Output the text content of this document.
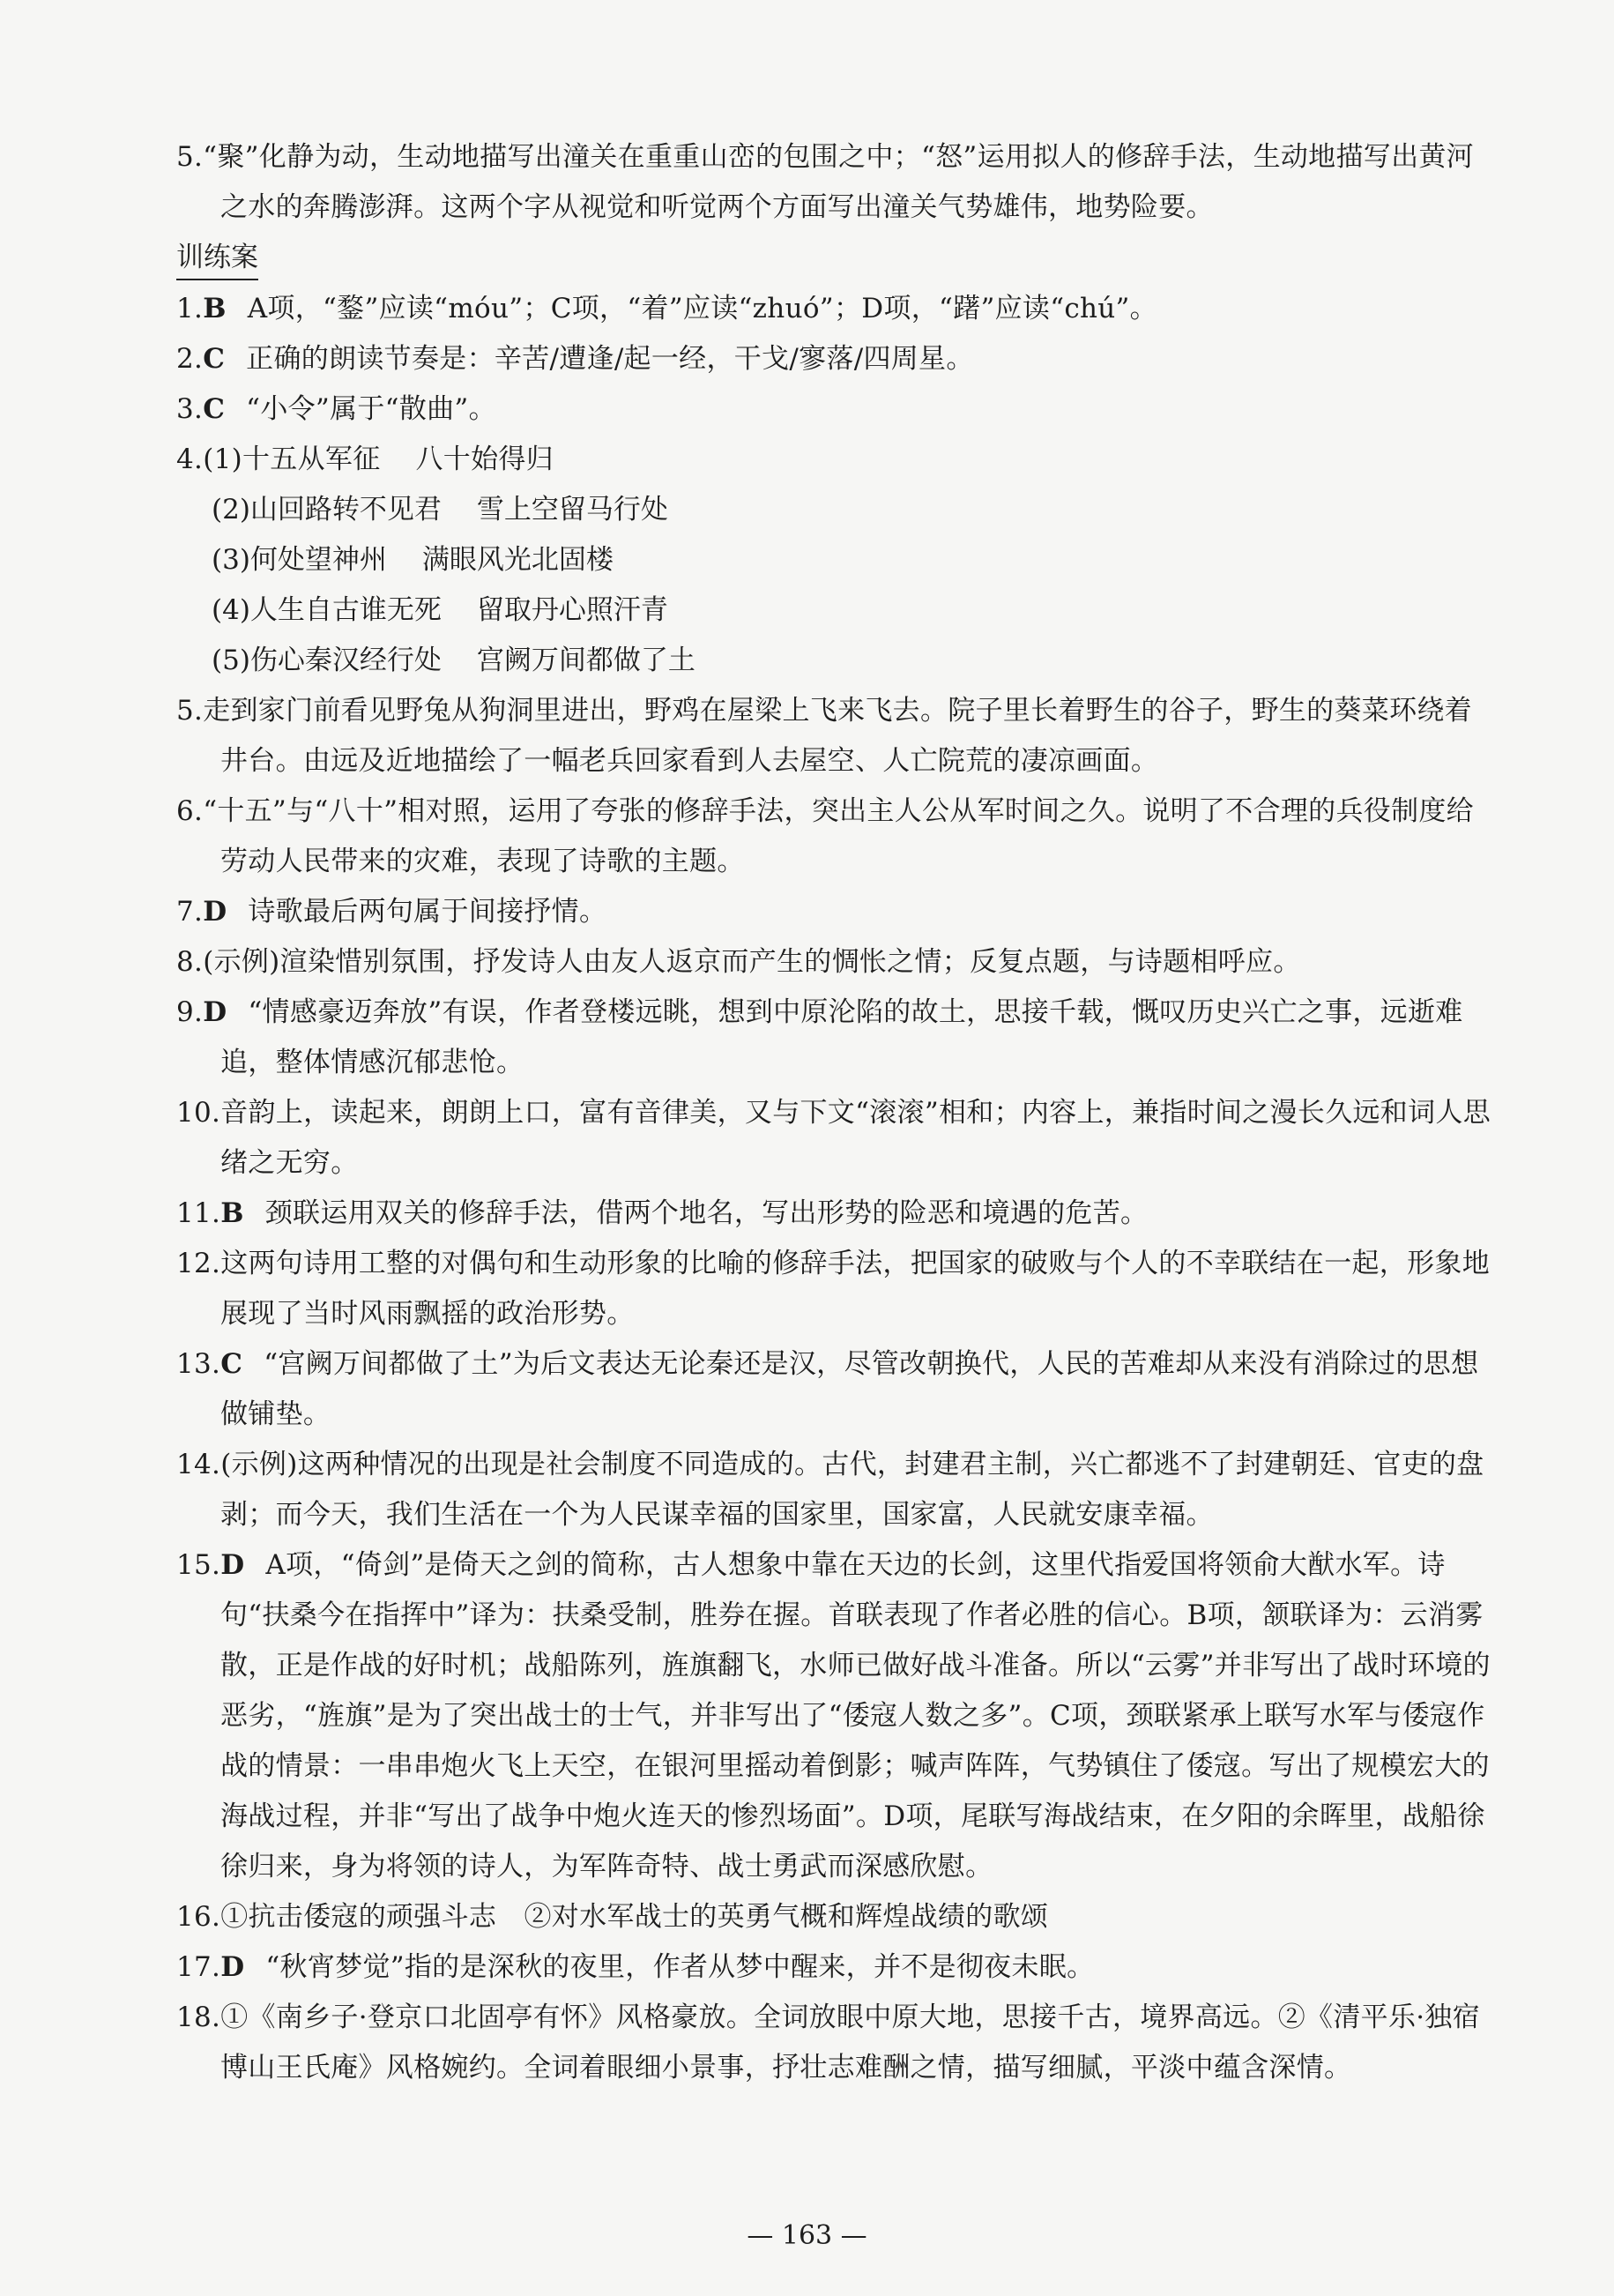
5.“聚”化静为动，生动地描写出潼关在重重山峦的包围之中；“怒”运用拟人的修辞手法，生动地描写出黄河之水的奔腾澎湃。这两个字从视觉和听觉两个方面写出潼关气势雄伟，地势险要。

训练案

1.B A项，“鍪”应读“móu”；C项，“着”应读“zhuó”；D项，“躇”应读“chú”。

2.C 正确的朗读节奏是：辛苦/遭逢/起一经，干戈/寥落/四周星。

3.C “小令”属于“散曲”。

4.(1)十五从军征 八十始得归

(2)山回路转不见君 雪上空留马行处

(3)何处望神州 满眼风光北固楼

(4)人生自古谁无死 留取丹心照汗青

(5)伤心秦汉经行处 宫阙万间都做了土

5.走到家门前看见野兔从狗洞里进出，野鸡在屋梁上飞来飞去。院子里长着野生的谷子，野生的葵菜环绕着井台。由远及近地描绘了一幅老兵回家看到人去屋空、人亡院荒的凄凉画面。

6.“十五”与“八十”相对照，运用了夸张的修辞手法，突出主人公从军时间之久。说明了不合理的兵役制度给劳动人民带来的灾难，表现了诗歌的主题。

7.D 诗歌最后两句属于间接抒情。

8.(示例)渲染惜别氛围，抒发诗人由友人返京而产生的惆怅之情；反复点题，与诗题相呼应。

9.D “情感豪迈奔放”有误，作者登楼远眺，想到中原沦陷的故土，思接千载，慨叹历史兴亡之事，远逝难追，整体情感沉郁悲怆。

10.音韵上，读起来，朗朗上口，富有音律美，又与下文“滚滚”相和；内容上，兼指时间之漫长久远和词人思绪之无穷。

11.B 颈联运用双关的修辞手法，借两个地名，写出形势的险恶和境遇的危苦。

12.这两句诗用工整的对偶句和生动形象的比喻的修辞手法，把国家的破败与个人的不幸联结在一起，形象地展现了当时风雨飘摇的政治形势。

13.C “宫阙万间都做了土”为后文表达无论秦还是汉，尽管改朝换代，人民的苦难却从来没有消除过的思想做铺垫。

14.(示例)这两种情况的出现是社会制度不同造成的。古代，封建君主制，兴亡都逃不了封建朝廷、官吏的盘剥；而今天，我们生活在一个为人民谋幸福的国家里，国家富，人民就安康幸福。

15.D A项，“倚剑”是倚天之剑的简称，古人想象中靠在天边的长剑，这里代指爱国将领俞大猷水军。诗句“扶桑今在指挥中”译为：扶桑受制，胜券在握。首联表现了作者必胜的信心。B项，颔联译为：云消雾散，正是作战的好时机；战船陈列，旌旗翻飞，水师已做好战斗准备。所以“云雾”并非写出了战时环境的恶劣，“旌旗”是为了突出战士的士气，并非写出了“倭寇人数之多”。C项，颈联紧承上联写水军与倭寇作战的情景：一串串炮火飞上天空，在银河里摇动着倒影；喊声阵阵，气势镇住了倭寇。写出了规模宏大的海战过程，并非“写出了战争中炮火连天的惨烈场面”。D项，尾联写海战结束，在夕阳的余晖里，战船徐徐归来，身为将领的诗人，为军阵奇特、战士勇武而深感欣慰。

16.①抗击倭寇的顽强斗志　②对水军战士的英勇气概和辉煌战绩的歌颂

17.D “秋宵梦觉”指的是深秋的夜里，作者从梦中醒来，并不是彻夜未眠。

18.①《南乡子·登京口北固亭有怀》风格豪放。全词放眼中原大地，思接千古，境界高远。②《清平乐·独宿博山王氏庵》风格婉约。全词着眼细小景事，抒壮志难酬之情，描写细腻，平淡中蕴含深情。

— 163 —
